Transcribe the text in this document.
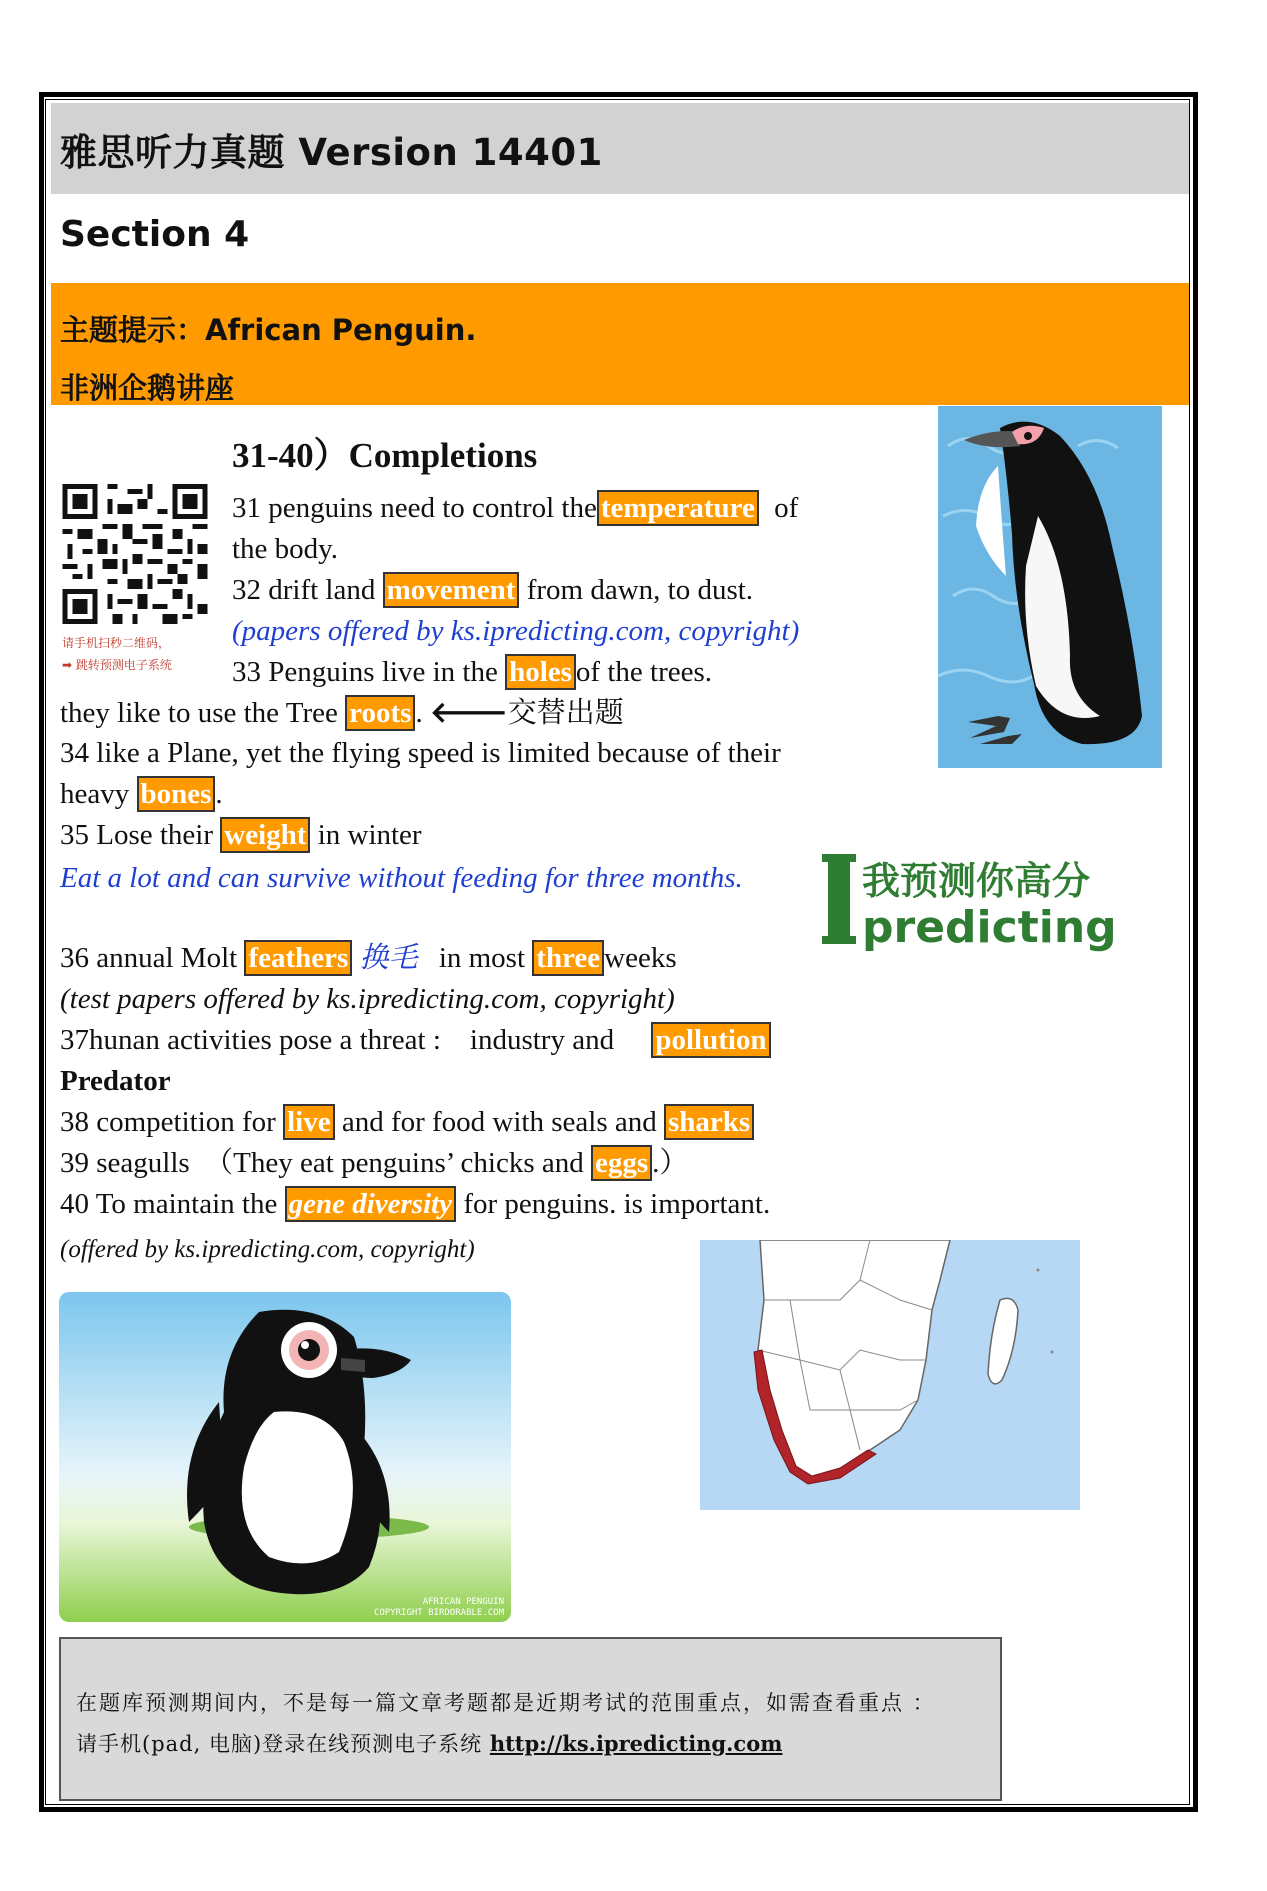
雅思听力真题 Version 14401
Section 4
主题提示：African Penguin.
非洲企鹅讲座
31-40）Completions
请手机扫秒二维码，
➡ 跳转预测电子系统
31 penguins need to control the temperature of
the body.
32 drift land movement from dawn, to dust.
(papers offered by ks.ipredicting.com, copyright)
33 Penguins live in the holes of the trees.
they like to use the Tree roots . 🡐交替出题
34 like a Plane, yet the flying speed is limited because of their
heavy bones .
35 Lose their weight in winter
Eat a lot and can survive without feeding for three months.
36 annual Molt feathers 换毛 in most three weeks
(test papers offered by ks.ipredicting.com, copyright)
37hunan activities pose a threat :　industry and pollution
Predator
38 competition for live and for food with seals and sharks
39 seagulls　（They eat penguins’ chicks and eggs .）
40 To maintain the gene diversity for penguins. is important.
(offered by ks.ipredicting.com, copyright)
我预测你高分
predicting
AFRICAN PENGUIN
COPYRIGHT BIRDORABLE.COM
在题库预测期间内，不是每一篇文章考题都是近期考试的范围重点，如需查看重点 ：
请手机(pad, 电脑)登录在线预测电子系统 http://ks.ipredicting.com
